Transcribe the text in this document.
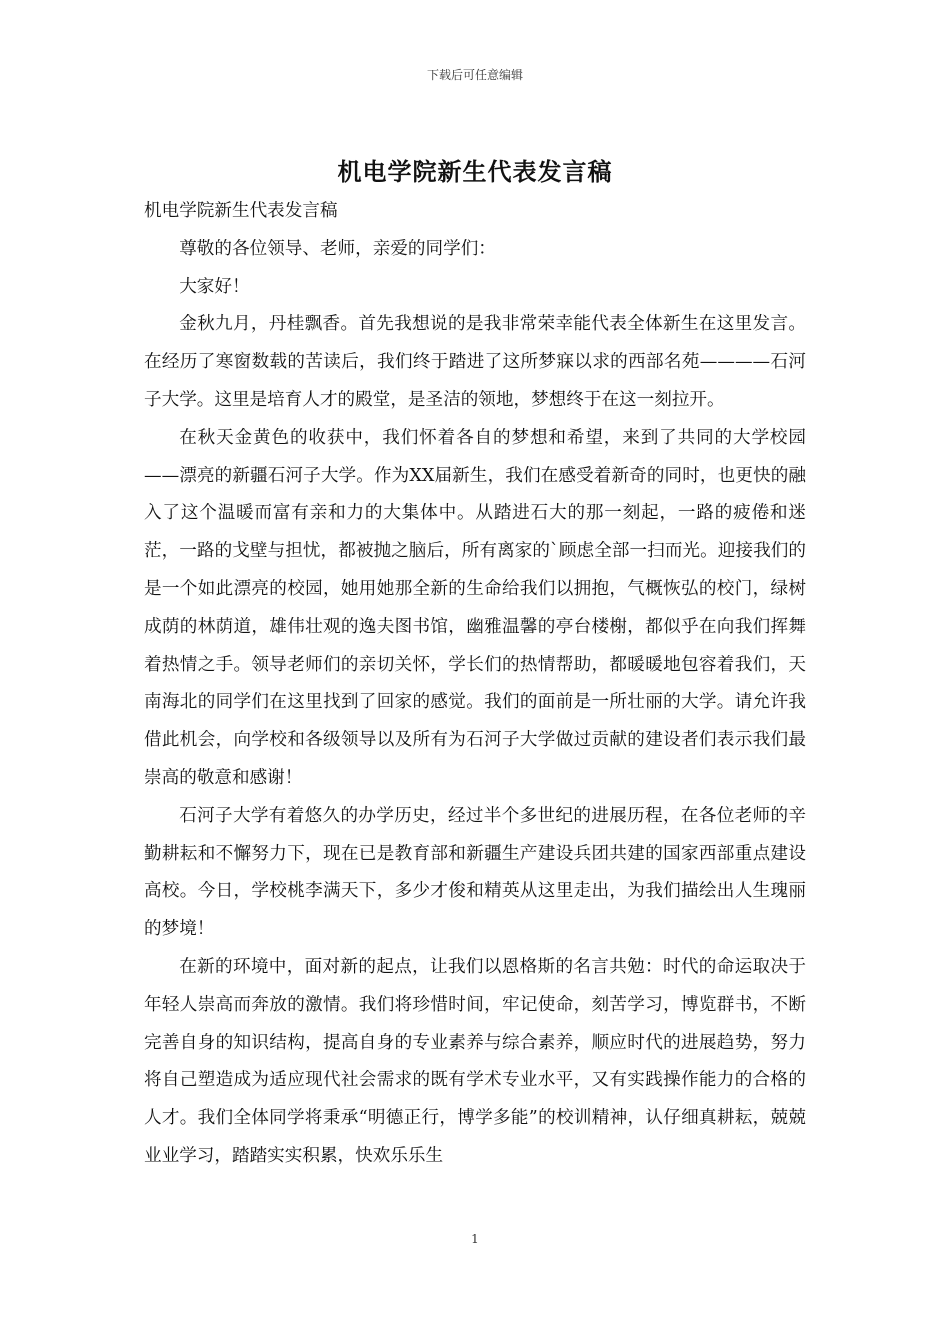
下载后可任意编辑
机电学院新生代表发言稿

机电学院新生代表发言稿

尊敬的各位领导、老师，亲爱的同学们：

大家好！

金秋九月，丹桂飘香。首先我想说的是我非常荣幸能代表全体新生在这里发言。在经历了寒窗数载的苦读后，我们终于踏进了这所梦寐以求的西部名苑————石河子大学。这里是培育人才的殿堂，是圣洁的领地，梦想终于在这一刻拉开。

在秋天金黄色的收获中，我们怀着各自的梦想和希望，来到了共同的大学校园——漂亮的新疆石河子大学。作为XX届新生，我们在感受着新奇的同时，也更快的融入了这个温暖而富有亲和力的大集体中。从踏进石大的那一刻起，一路的疲倦和迷茫，一路的戈壁与担忧，都被抛之脑后，所有离家的`顾虑全部一扫而光。迎接我们的是一个如此漂亮的校园，她用她那全新的生命给我们以拥抱，气概恢弘的校门，绿树成荫的林荫道，雄伟壮观的逸夫图书馆，幽雅温馨的亭台楼榭，都似乎在向我们挥舞着热情之手。领导老师们的亲切关怀，学长们的热情帮助，都暖暖地包容着我们，天南海北的同学们在这里找到了回家的感觉。我们的面前是一所壮丽的大学。请允许我借此机会，向学校和各级领导以及所有为石河子大学做过贡献的建设者们表示我们最崇高的敬意和感谢！

石河子大学有着悠久的办学历史，经过半个多世纪的进展历程，在各位老师的辛勤耕耘和不懈努力下，现在已是教育部和新疆生产建设兵团共建的国家西部重点建设高校。今日，学校桃李满天下，多少才俊和精英从这里走出，为我们描绘出人生瑰丽的梦境！

在新的环境中，面对新的起点，让我们以恩格斯的名言共勉：时代的命运取决于年轻人崇高而奔放的激情。我们将珍惜时间，牢记使命，刻苦学习，博览群书，不断完善自身的知识结构，提高自身的专业素养与综合素养，顺应时代的进展趋势，努力将自己塑造成为适应现代社会需求的既有学术专业水平，又有实践操作能力的合格的人才。我们全体同学将秉承“明德正行，博学多能”的校训精神，认仔细真耕耘，兢兢业业学习，踏踏实实积累，快欢乐乐生

1
